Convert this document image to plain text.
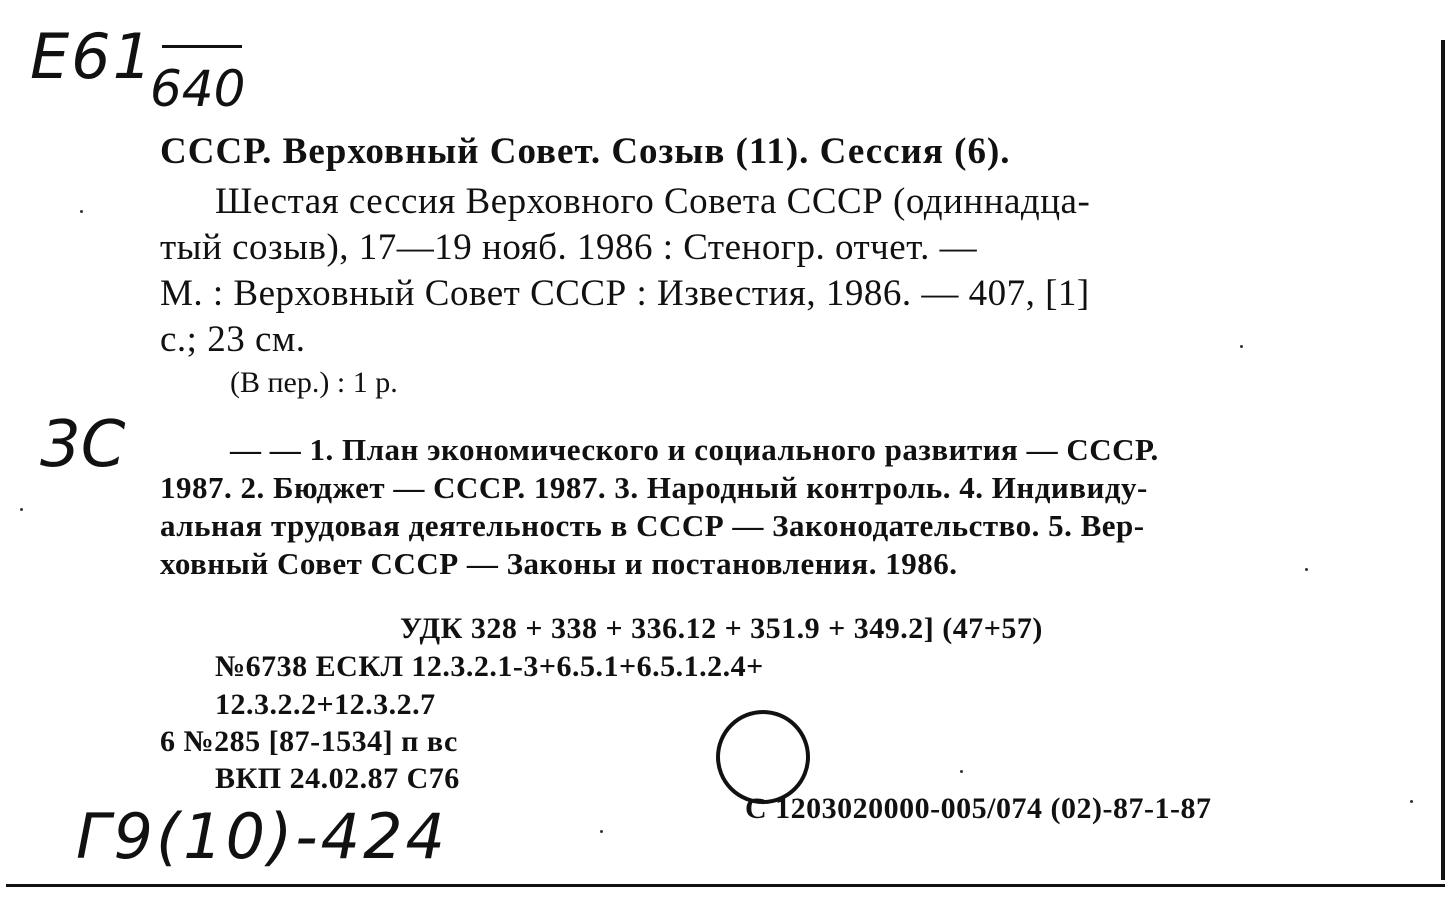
Е61
640
3С
Г9(10)-424
СССР. Верховный Совет. Созыв (11). Сессия (6).
Шестая сессия Верховного Совета СССР (одиннадца-
тый созыв), 17—19 нояб. 1986 : Стеногр. отчет. —
М. : Верховный Совет СССР : Известия, 1986. — 407, [1]
с.; 23 см.
(В пер.) : 1 р.
— — 1. План экономического и социального развития — СССР.
1987. 2. Бюджет — СССР. 1987. 3. Народный контроль. 4. Индивиду-
альная трудовая деятельность в СССР — Законодательство. 5. Вер-
ховный Совет СССР — Законы и постановления. 1986.
УДК 328 + 338 + 336.12 + 351.9 + 349.2] (47+57)
№6738 ЕСКЛ 12.3.2.1-3+6.5.1+6.5.1.2.4+
12.3.2.2+12.3.2.7
6 №285 [87-1534] п вс
ВКП 24.02.87 С76
С 1203020000-005/074 (02)-87-1-87
